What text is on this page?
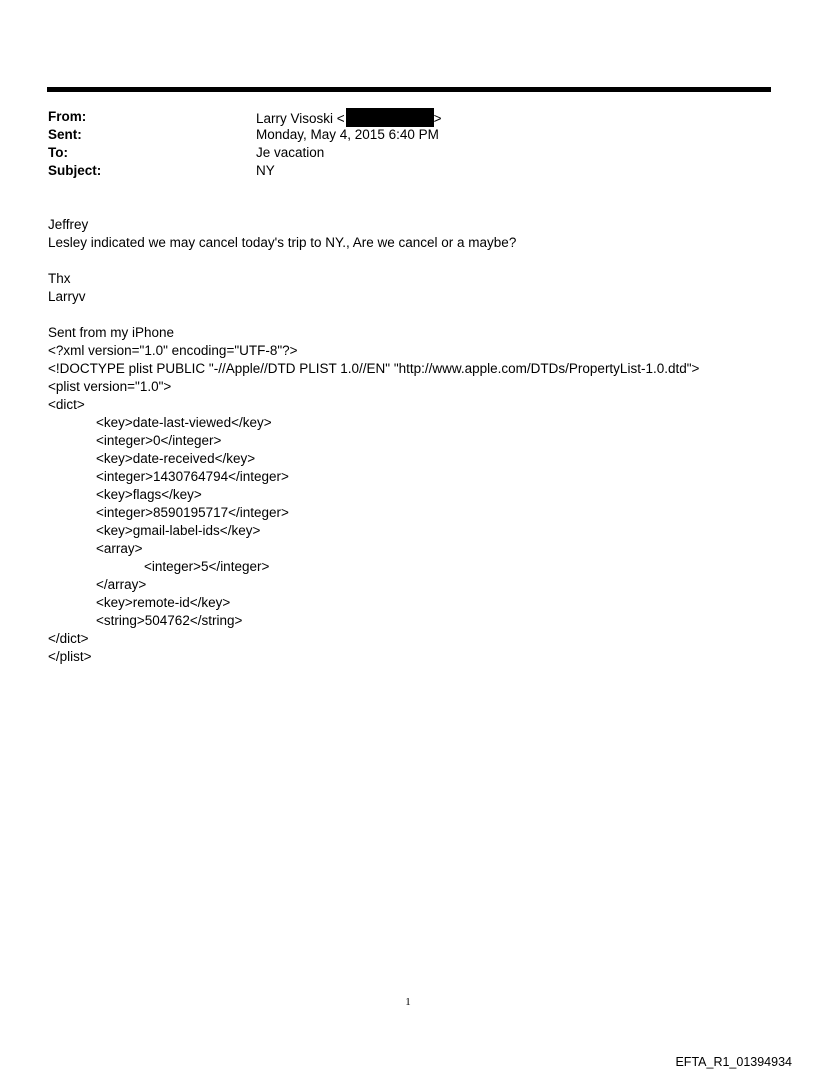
From:	Larry Visoski <	>
Sent:	Monday, May 4, 2015 6:40 PM
To:	Je vacation
Subject:	NY
Jeffrey
Lesley indicated we may cancel today's trip to NY., Are we cancel or a maybe?
Thx
Larryv
Sent from my iPhone
<?xml version="1.0" encoding="UTF-8"?>
<!DOCTYPE plist PUBLIC "-//Apple//DTD PLIST 1.0//EN" "http://www.apple.com/DTDs/PropertyList-1.0.dtd">
<plist version="1.0">
<dict>
<key>date-last-viewed</key>
<integer>0</integer>
<key>date-received</key>
<integer>1430764794</integer>
<key>flags</key>
<integer>8590195717</integer>
<key>gmail-label-ids</key>
<array>
<integer>5</integer>
</array>
<key>remote-id</key>
<string>504762</string>
</dict>
</plist>
1
EFTA_R1_01394934
